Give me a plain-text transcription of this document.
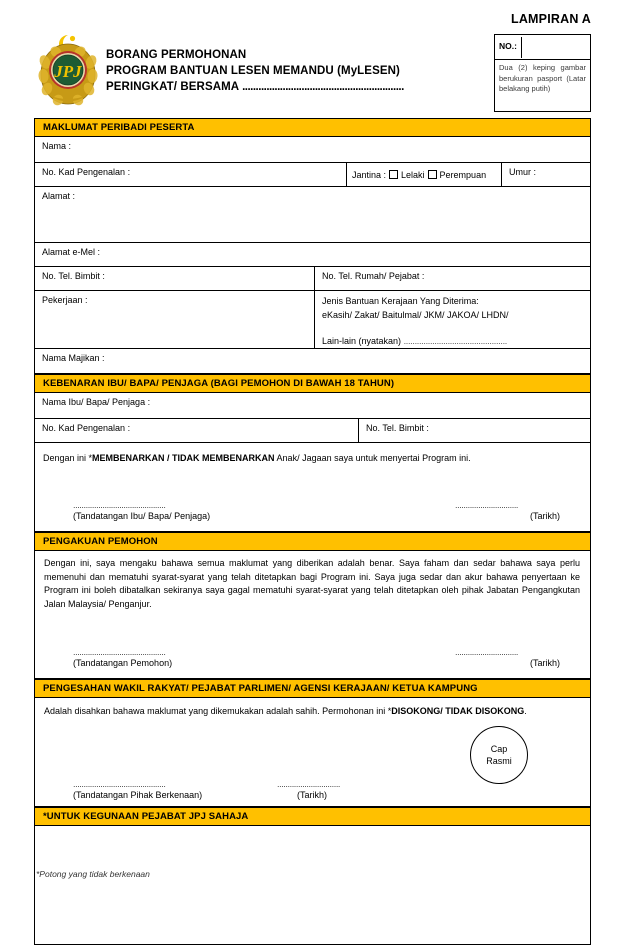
LAMPIRAN A
NO.:
Dua (2) keping gambar berukuran pasport (Latar belakang putih)
JPJ
BORANG PERMOHONAN
PROGRAM BANTUAN LESEN MEMANDU (MyLESEN)
PERINGKAT/ BERSAMA ............................................................
MAKLUMAT PERIBADI PESERTA
Nama :
No. Kad Pengenalan :	Jantina : Lelaki Perempuan	Umur :
Alamat :
Alamat e-Mel :
No. Tel. Bimbit :	No. Tel. Rumah/ Pejabat :
Pekerjaan :	Jenis Bantuan Kerajaan Yang Diterima:
eKasih/ Zakat/ Baitulmal/ JKM/ JAKOA/ LHDN/
Lain-lain (nyatakan) ...............................................
Nama Majikan :
KEBENARAN IBU/ BAPA/ PENJAGA (BAGI PEMOHON DI BAWAH 18 TAHUN)
Nama Ibu/ Bapa/ Penjaga :
No. Kad Pengenalan :	No. Tel. Bimbit :
Dengan ini *MEMBENARKAN / TIDAK MEMBENARKAN Anak/ Jagaan saya untuk menyertai Program ini.
............................................
(Tandatangan Ibu/ Bapa/ Penjaga)
..............................
(Tarikh)
PENGAKUAN PEMOHON
Dengan ini, saya mengaku bahawa semua maklumat yang diberikan adalah benar. Saya faham dan sedar bahawa saya perlu memenuhi dan mematuhi syarat-syarat yang telah ditetapkan bagi Program ini. Saya juga sedar dan akur bahawa penyertaan ke Program ini boleh dibatalkan sekiranya saya gagal mematuhi syarat-syarat yang telah ditetapkan oleh pihak Jabatan Pengangkutan Jalan Malaysia/ Penganjur.
............................................
(Tandatangan Pemohon)
..............................
(Tarikh)
PENGESAHAN WAKIL RAKYAT/ PEJABAT PARLIMEN/ AGENSI KERAJAAN/ KETUA KAMPUNG
Adalah disahkan bahawa maklumat yang dikemukakan adalah sahih. Permohonan ini *DISOKONG/ TIDAK DISOKONG.
Cap
Rasmi
............................................
(Tandatangan Pihak Berkenaan)
..............................
(Tarikh)
*UNTUK KEGUNAAN PEJABAT JPJ SAHAJA
*Potong yang tidak berkenaan
